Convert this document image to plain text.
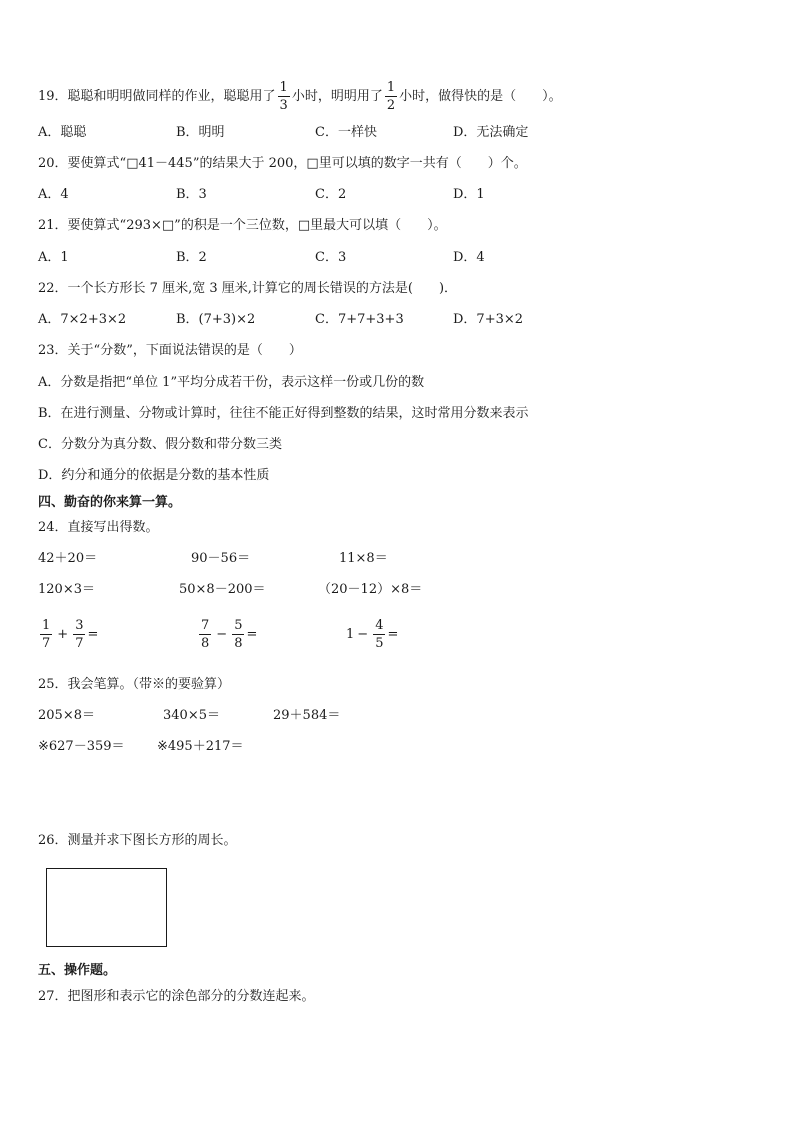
19．聪聪和明明做同样的作业，聪聪用了 $\frac{1}{3}$ 小时，明明用了 $\frac{1}{2}$ 小时，做得快的是（　　）。
A．聪聪	B．明明	C．一样快	D．无法确定
20．要使算式“□41－445”的结果大于 200，□里可以填的数字一共有（　　）个。
A．4	B．3	C．2	D．1
21．要使算式“293×□”的积是一个三位数，□里最大可以填（　　）。
A．1	B．2	C．3	D．4
22．一个长方形长 7 厘米,宽 3 厘米,计算它的周长错误的方法是(　　)．
A．7×2+3×2	B．(7+3)×2	C．7+7+3+3	D．7+3×2
23．关于“分数”，下面说法错误的是（　　）
A．分数是指把“单位 1”平均分成若干份，表示这样一份或几份的数
B．在进行测量、分物或计算时，往往不能正好得到整数的结果，这时常用分数来表示
C．分数分为真分数、假分数和带分数三类
D．约分和通分的依据是分数的基本性质
四、勤奋的你来算一算。
24．直接写出得数。
42＋20＝	90－56＝	11×8＝
120×3＝	50×8－200＝	（20－12）×8＝
$\frac{1}{7} + \frac{3}{7}$ =	$\frac{7}{8} - \frac{5}{8}$ =	$1 - \frac{4}{5}$ =
25．我会笔算。（带※的要验算）
205×8＝	340×5＝	29＋584＝
※627－359＝ ※495＋217＝
26．测量并求下图长方形的周长。
五、操作题。
27．把图形和表示它的涂色部分的分数连起来。
